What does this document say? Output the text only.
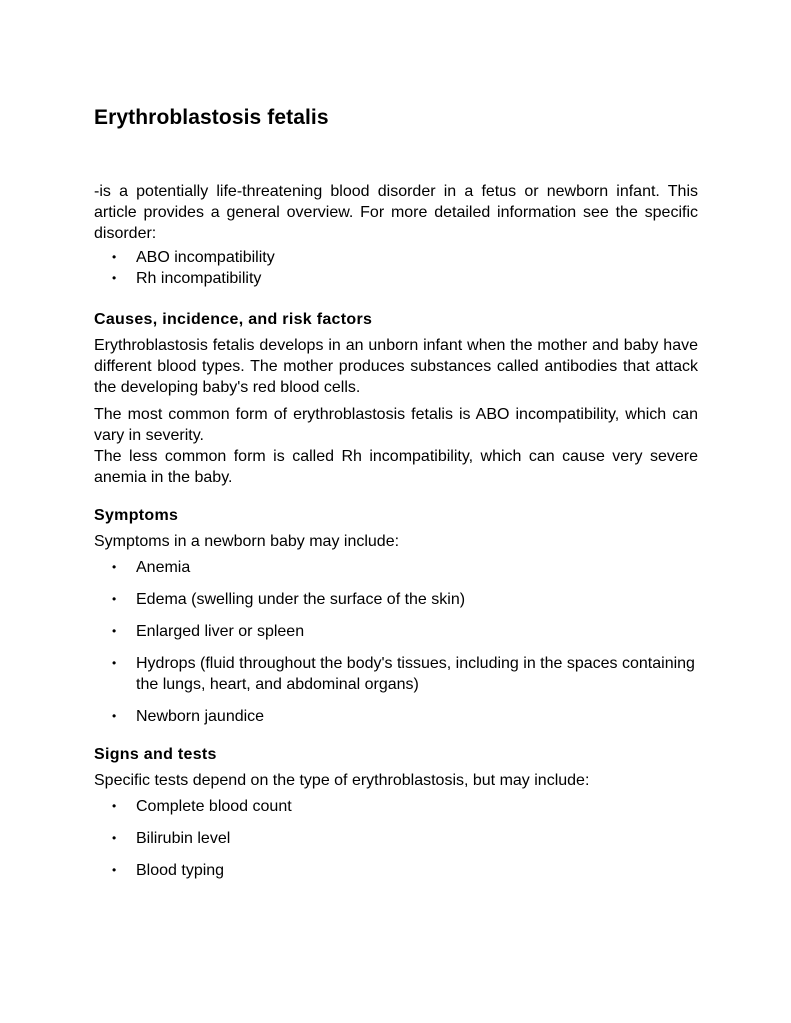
Erythroblastosis fetalis

-is a potentially life-threatening blood disorder in a fetus or newborn infant. This article provides a general overview. For more detailed information see the specific disorder:

• ABO incompatibility
• Rh incompatibility
Causes, incidence, and risk factors

Erythroblastosis fetalis develops in an unborn infant when the mother and baby have different blood types. The mother produces substances called antibodies that attack the developing baby's red blood cells.

The most common form of erythroblastosis fetalis is ABO incompatibility, which can vary in severity.

The less common form is called Rh incompatibility, which can cause very severe anemia in the baby.

Symptoms

Symptoms in a newborn baby may include:

• Anemia
• Edema (swelling under the surface of the skin)
• Enlarged liver or spleen
• Hydrops (fluid throughout the body's tissues, including in the spaces containing the lungs, heart, and abdominal organs)
• Newborn jaundice
Signs and tests

Specific tests depend on the type of erythroblastosis, but may include:

• Complete blood count
• Bilirubin level
• Blood typing
